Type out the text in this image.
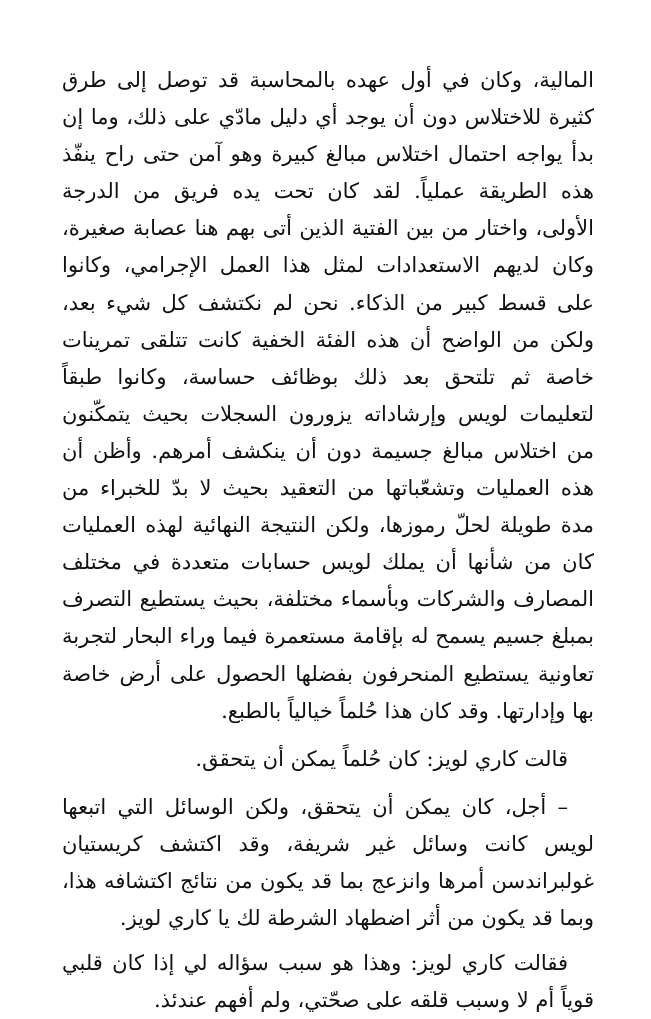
المالية، وكان في أول عهده بالمحاسبة قد توصل إلى طرق كثيرة للاختلاس دون أن يوجد أي دليل مادّي على ذلك، وما إن بدأ يواجه احتمال اختلاس مبالغ كبيرة وهو آمن حتى راح ينفّذ هذه الطريقة عملياً. لقد كان تحت يده فريق من الدرجة الأولى، واختار من بين الفتية الذين أتى بهم هنا عصابة صغيرة، وكان لديهم الاستعدادات لمثل هذا العمل الإجرامي، وكانوا على قسط كبير من الذكاء. نحن لم نكتشف كل شيء بعد، ولكن من الواضح أن هذه الفئة الخفية كانت تتلقى تمرينات خاصة ثم تلتحق بعد ذلك بوظائف حساسة، وكانوا طبقاً لتعليمات لويس وإرشاداته يزورون السجلات بحيث يتمكّنون من اختلاس مبالغ جسيمة دون أن ينكشف أمرهم. وأظن أن هذه العمليات وتشعّباتها من التعقيد بحيث لا بدّ للخبراء من مدة طويلة لحلّ رموزها، ولكن النتيجة النهائية لهذه العمليات كان من شأنها أن يملك لويس حسابات متعددة في مختلف المصارف والشركات وبأسماء مختلفة، بحيث يستطيع التصرف بمبلغ جسيم يسمح له بإقامة مستعمرة فيما وراء البحار لتجربة تعاونية يستطيع المنحرفون بفضلها الحصول على أرض خاصة بها وإدارتها. وقد كان هذا حُلماً خيالياً بالطبع.

قالت كاري لويز: كان حُلماً يمكن أن يتحقق.

– أجل، كان يمكن أن يتحقق، ولكن الوسائل التي اتبعها لويس كانت وسائل غير شريفة، وقد اكتشف كريستيان غولبراندسن أمرها وانزعج بما قد يكون من نتائج اكتشافه هذا، وبما قد يكون من أثر اضطهاد الشرطة لك يا كاري لويز.

فقالت كاري لويز: وهذا هو سبب سؤاله لي إذا كان قلبي قوياً أم لا وسبب قلقه على صحّتي، ولم أفهم عندئذ.
